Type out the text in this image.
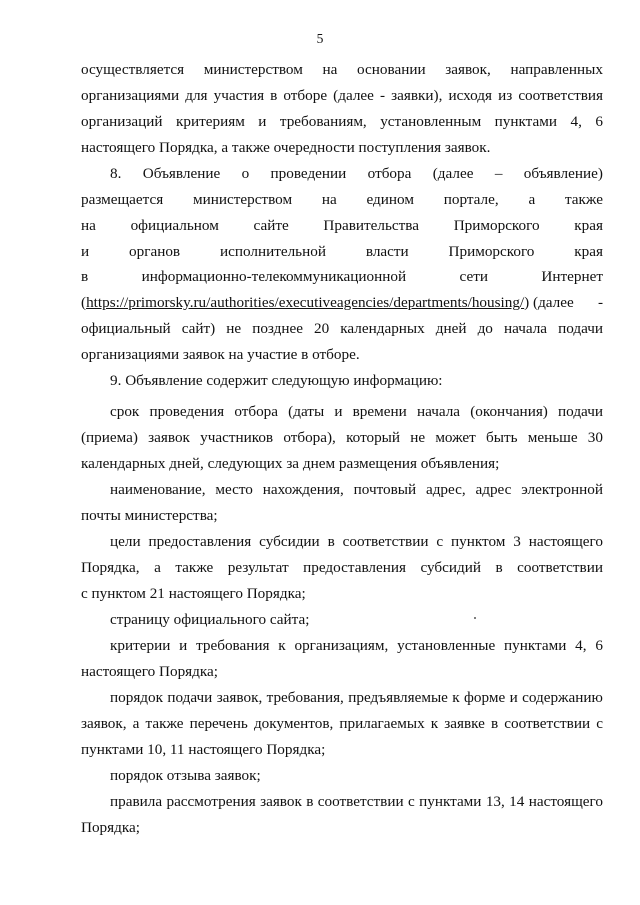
5
осуществляется министерством на основании заявок, направленных
организациями для участия в отборе (далее - заявки), исходя из соответствия
организаций критериям и требованиям, установленным пунктами 4, 6
настоящего Порядка, а также очередности поступления заявок.
8. Объявление о проведении отбора (далее – объявление)
размещается министерством на едином портале, а также
на официальном сайте Правительства Приморского края
и	органов	исполнительной	власти	Приморского	края
в	информационно-телекоммуникационной	сети	Интернет
(https://primorsky.ru/authorities/executiveagencies/departments/housing/) (далее -
официальный сайт) не позднее 20 календарных дней до начала подачи
организациями заявок на участие в отборе.
9. Объявление содержит следующую информацию:
срок проведения отбора (даты и времени начала (окончания) подачи
(приема) заявок участников отбора), который не может быть меньше 30
календарных дней, следующих за днем размещения объявления;
наименование, место нахождения, почтовый адрес, адрес электронной
почты министерства;
цели предоставления субсидии в соответствии с пунктом 3 настоящего
Порядка, а также результат предоставления субсидий в соответствии
с пунктом 21 настоящего Порядка;
страницу официального сайта;
критерии и требования к организациям, установленные пунктами 4, 6
настоящего Порядка;
порядок подачи заявок, требования, предъявляемые к форме и содержанию
заявок, а также перечень документов, прилагаемых к заявке в соответствии с
пунктами 10, 11 настоящего Порядка;
порядок отзыва заявок;
правила рассмотрения заявок в соответствии с пунктами 13, 14 настоящего
Порядка;
